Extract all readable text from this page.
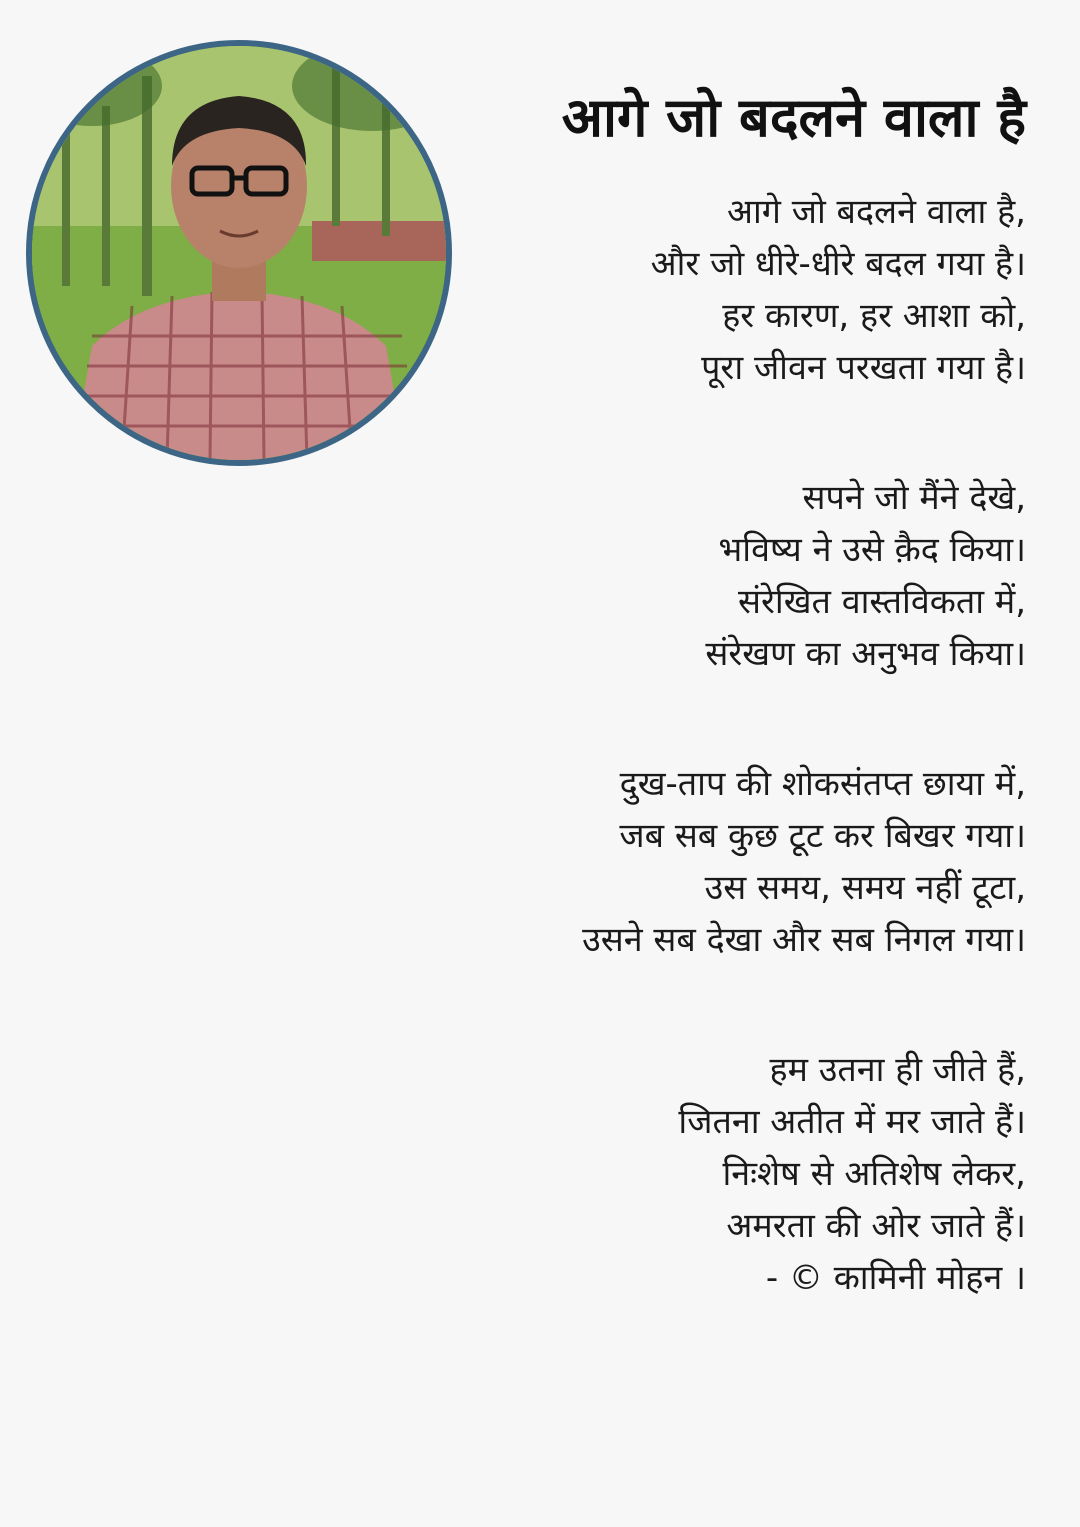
आगे जो बदलने वाला है
आगे जो बदलने वाला है,
और जो धीरे-धीरे बदल गया है।
हर कारण, हर आशा को,
पूरा जीवन परखता गया है।
सपने जो मैंने देखे,
भविष्य ने उसे क़ैद किया।
संरेखित वास्तविकता में,
संरेखण का अनुभव किया।
दुख-ताप की शोकसंतप्त छाया में,
जब सब कुछ टूट कर बिखर गया।
उस समय, समय नहीं टूटा,
उसने सब देखा और सब निगल गया।
हम उतना ही जीते हैं,
जितना अतीत में मर जाते हैं।
निःशेष से अतिशेष लेकर,
अमरता की ओर जाते हैं।
- © कामिनी मोहन ।
